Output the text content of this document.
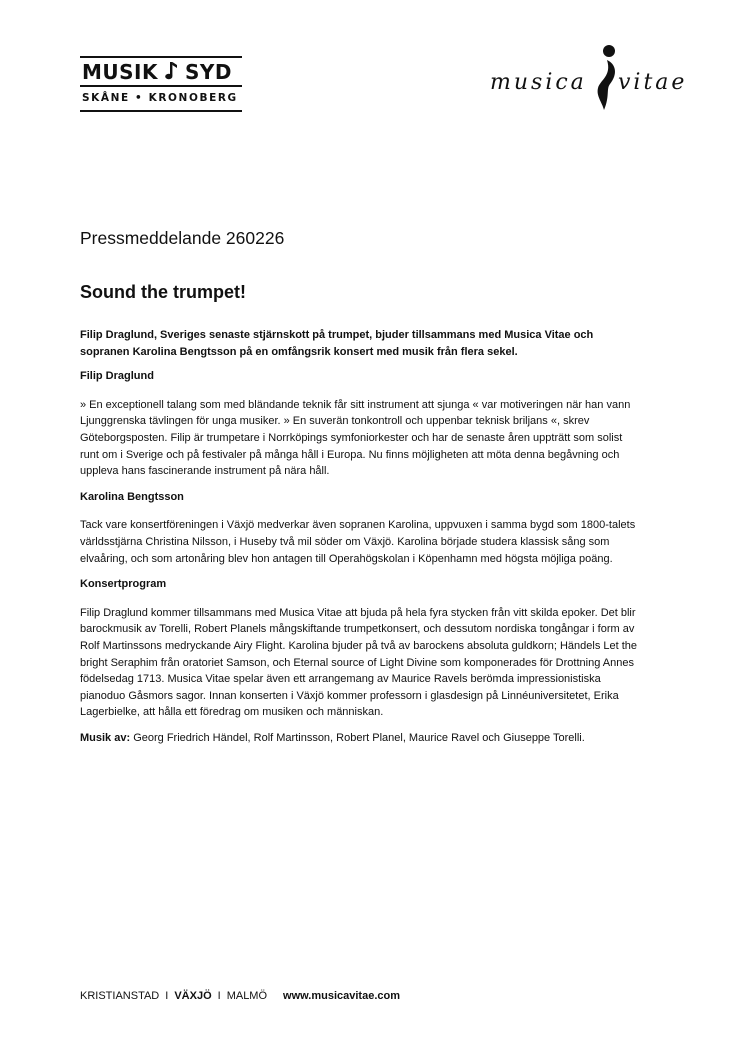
MUSIK SYD
SKÅNE • KRONOBERG
musica vitae
Pressmeddelande 260226
Sound the trumpet!

Filip Draglund, Sveriges senaste stjärnskott på trumpet, bjuder tillsammans med Musica Vitae och sopranen Karolina Bengtsson på en omfångsrik konsert med musik från flera sekel.

Filip Draglund

» En exceptionell talang som med bländande teknik får sitt instrument att sjunga « var motiveringen när han vann Ljunggrenska tävlingen för unga musiker. » En suverän tonkontroll och uppenbar teknisk briljans «, skrev Göteborgsposten. Filip är trumpetare i Norrköpings symfoniorkester och har de senaste åren uppträtt som solist runt om i Sverige och på festivaler på många håll i Europa. Nu finns möjligheten att möta denna begåvning och uppleva hans fascinerande instrument på nära håll.

Karolina Bengtsson

Tack vare konsertföreningen i Växjö medverkar även sopranen Karolina, uppvuxen i samma bygd som 1800-talets världsstjärna Christina Nilsson, i Huseby två mil söder om Växjö. Karolina började studera klassisk sång som elvaåring, och som artonåring blev hon antagen till Operahögskolan i Köpenhamn med högsta möjliga poäng.

Konsertprogram

Filip Draglund kommer tillsammans med Musica Vitae att bjuda på hela fyra stycken från vitt skilda epoker. Det blir barockmusik av Torelli, Robert Planels mångskiftande trumpetkonsert, och dessutom nordiska tongångar i form av Rolf Martinssons medryckande Airy Flight. Karolina bjuder på två av barockens absoluta guldkorn; Händels Let the bright Seraphim från oratoriet Samson, och Eternal source of Light Divine som komponerades för Drottning Annes födelsedag 1713. Musica Vitae spelar även ett arrangemang av Maurice Ravels berömda impressionistiska pianoduo Gåsmors sagor. Innan konserten i Växjö kommer professorn i glasdesign på Linnéuniversitetet, Erika Lagerbielke, att hålla ett föredrag om musiken och människan.

Musik av: Georg Friedrich Händel, Rolf Martinsson, Robert Planel, Maurice Ravel och Giuseppe Torelli.

KRISTIANSTAD I VÄXJÖ I MALMÖ www.musicavitae.com
